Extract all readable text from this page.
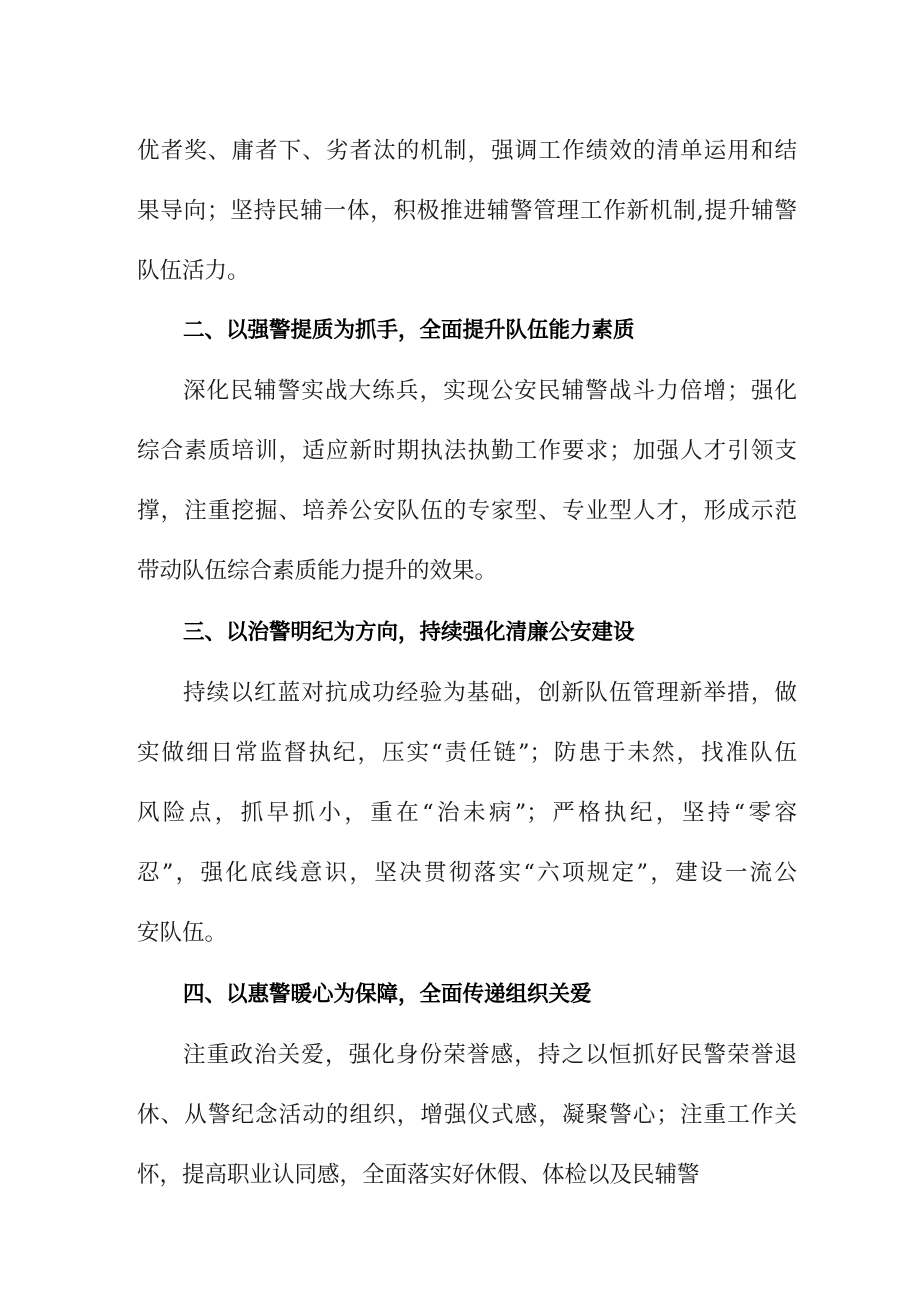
优者奖、庸者下、劣者汰的机制，强调工作绩效的清单运用和结

果导向；坚持民辅一体，积极推进辅警管理工作新机制,提升辅警

队伍活力。

二、以强警提质为抓手，全面提升队伍能力素质

深化民辅警实战大练兵，实现公安民辅警战斗力倍增；强化

综合素质培训，适应新时期执法执勤工作要求；加强人才引领支

撑，注重挖掘、培养公安队伍的专家型、专业型人才，形成示范

带动队伍综合素质能力提升的效果。

三、以治警明纪为方向，持续强化清廉公安建设

持续以红蓝对抗成功经验为基础，创新队伍管理新举措，做

实做细日常监督执纪，压实“责任链”；防患于未然，找准队伍

风险点，抓早抓小，重在“治未病”；严格执纪，坚持“零容

忍”，强化底线意识，坚决贯彻落实“六项规定”，建设一流公

安队伍。

四、以惠警暖心为保障，全面传递组织关爱

注重政治关爱，强化身份荣誉感，持之以恒抓好民警荣誉退

休、从警纪念活动的组织，增强仪式感，凝聚警心；注重工作关

怀，提高职业认同感，全面落实好休假、体检以及民辅警
